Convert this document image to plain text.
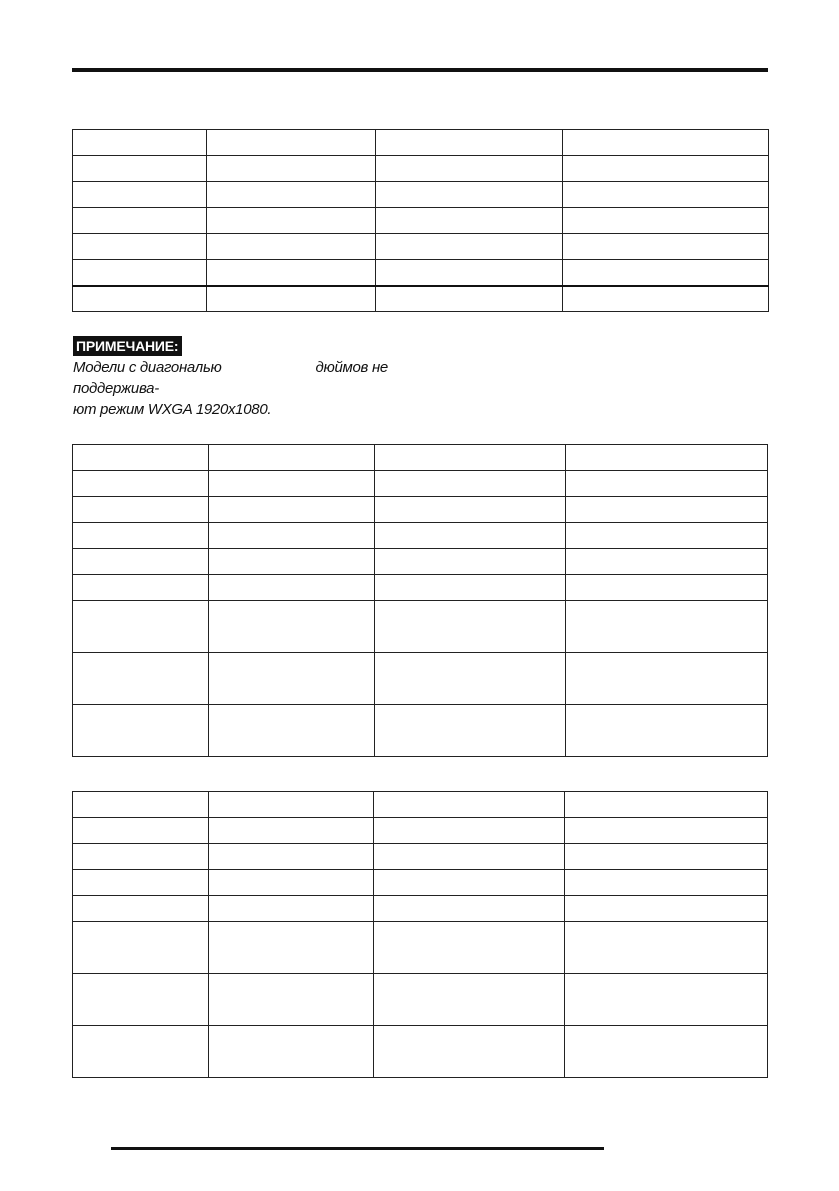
ПРИМЕЧАНИЕ:
Модели с диагональю	дюймов не поддержива-
ют режим WXGA 1920x1080.
